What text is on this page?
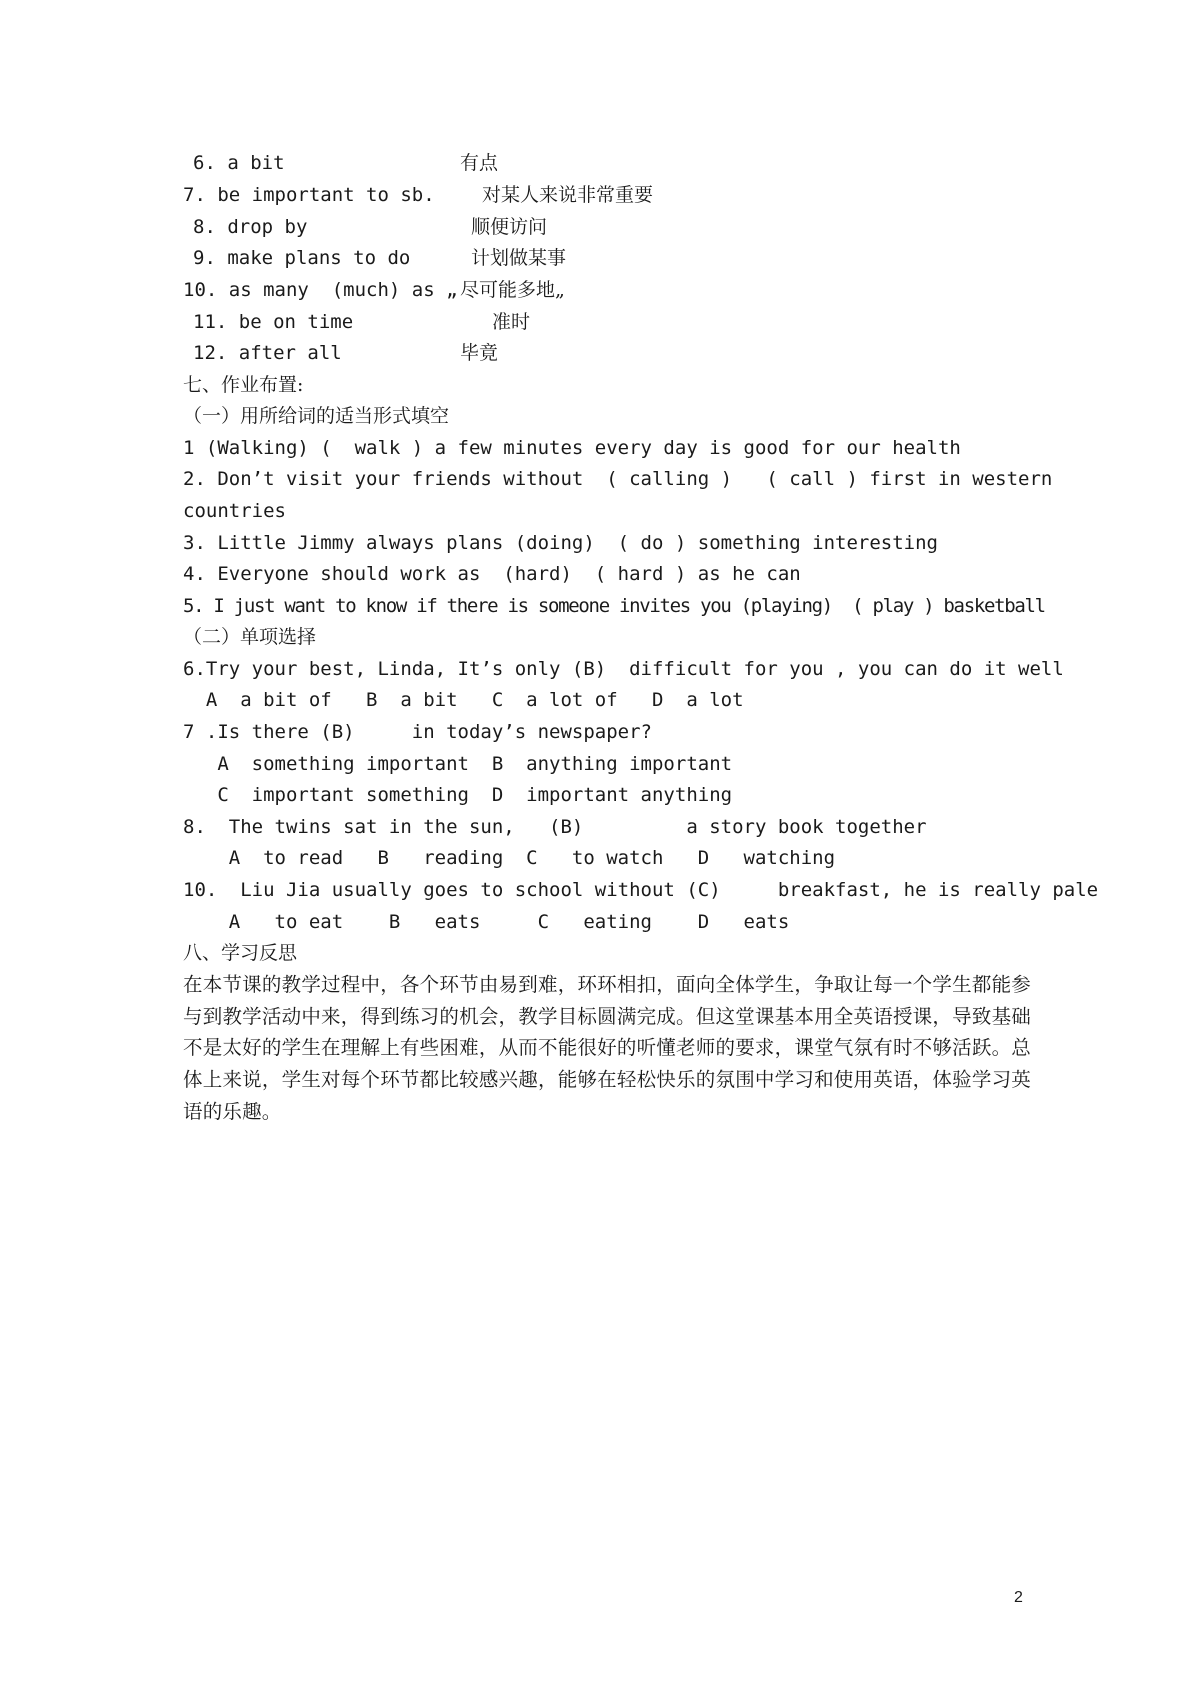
6. a bit	有点
7. be important to sb. 对某人来说非常重要
8. drop by	顺便访问
9. make plans to do	计划做某事
10. as many  (much) as „ 尽可能多地„
11. be on time	准时
12. after all	毕竟
七、作业布置:
（一）用所给词的适当形式填空
1 (Walking) (  walk ) a few minutes every day is good for our health
2. Don’t visit your friends without  ( calling )   ( call ) first in western
countries
3. Little Jimmy always plans (doing)  ( do ) something interesting
4. Everyone should work as  (hard)  ( hard ) as he can
5. I just want to know if there is someone invites you (playing)  ( play ) basketball
（二）单项选择
6.Try your best, Linda, It’s only (B)  difficult for you , you can do it well
A  a bit of   B  a bit   C  a lot of   D  a lot
7 .Is there (B)     in today’s newspaper?
A  something important  B  anything important
C  important something  D  important anything
8.  The twins sat in the sun,   (B)         a story book together
A  to read   B   reading  C   to watch   D   watching
10.  Liu Jia usually goes to school without (C)     breakfast, he is really pale
A   to eat    B   eats     C   eating    D   eats
八、学习反思
在本节课的教学过程中，各个环节由易到难，环环相扣，面向全体学生，争取让每一个学生都能参与到教学活动中来，得到练习的机会，教学目标圆满完成。但这堂课基本用全英语授课，导致基础不是太好的学生在理解上有些困难，从而不能很好的听懂老师的要求，课堂气氛有时不够活跃。总体上来说，学生对每个环节都比较感兴趣，能够在轻松快乐的氛围中学习和使用英语，体验学习英语的乐趣。
2
